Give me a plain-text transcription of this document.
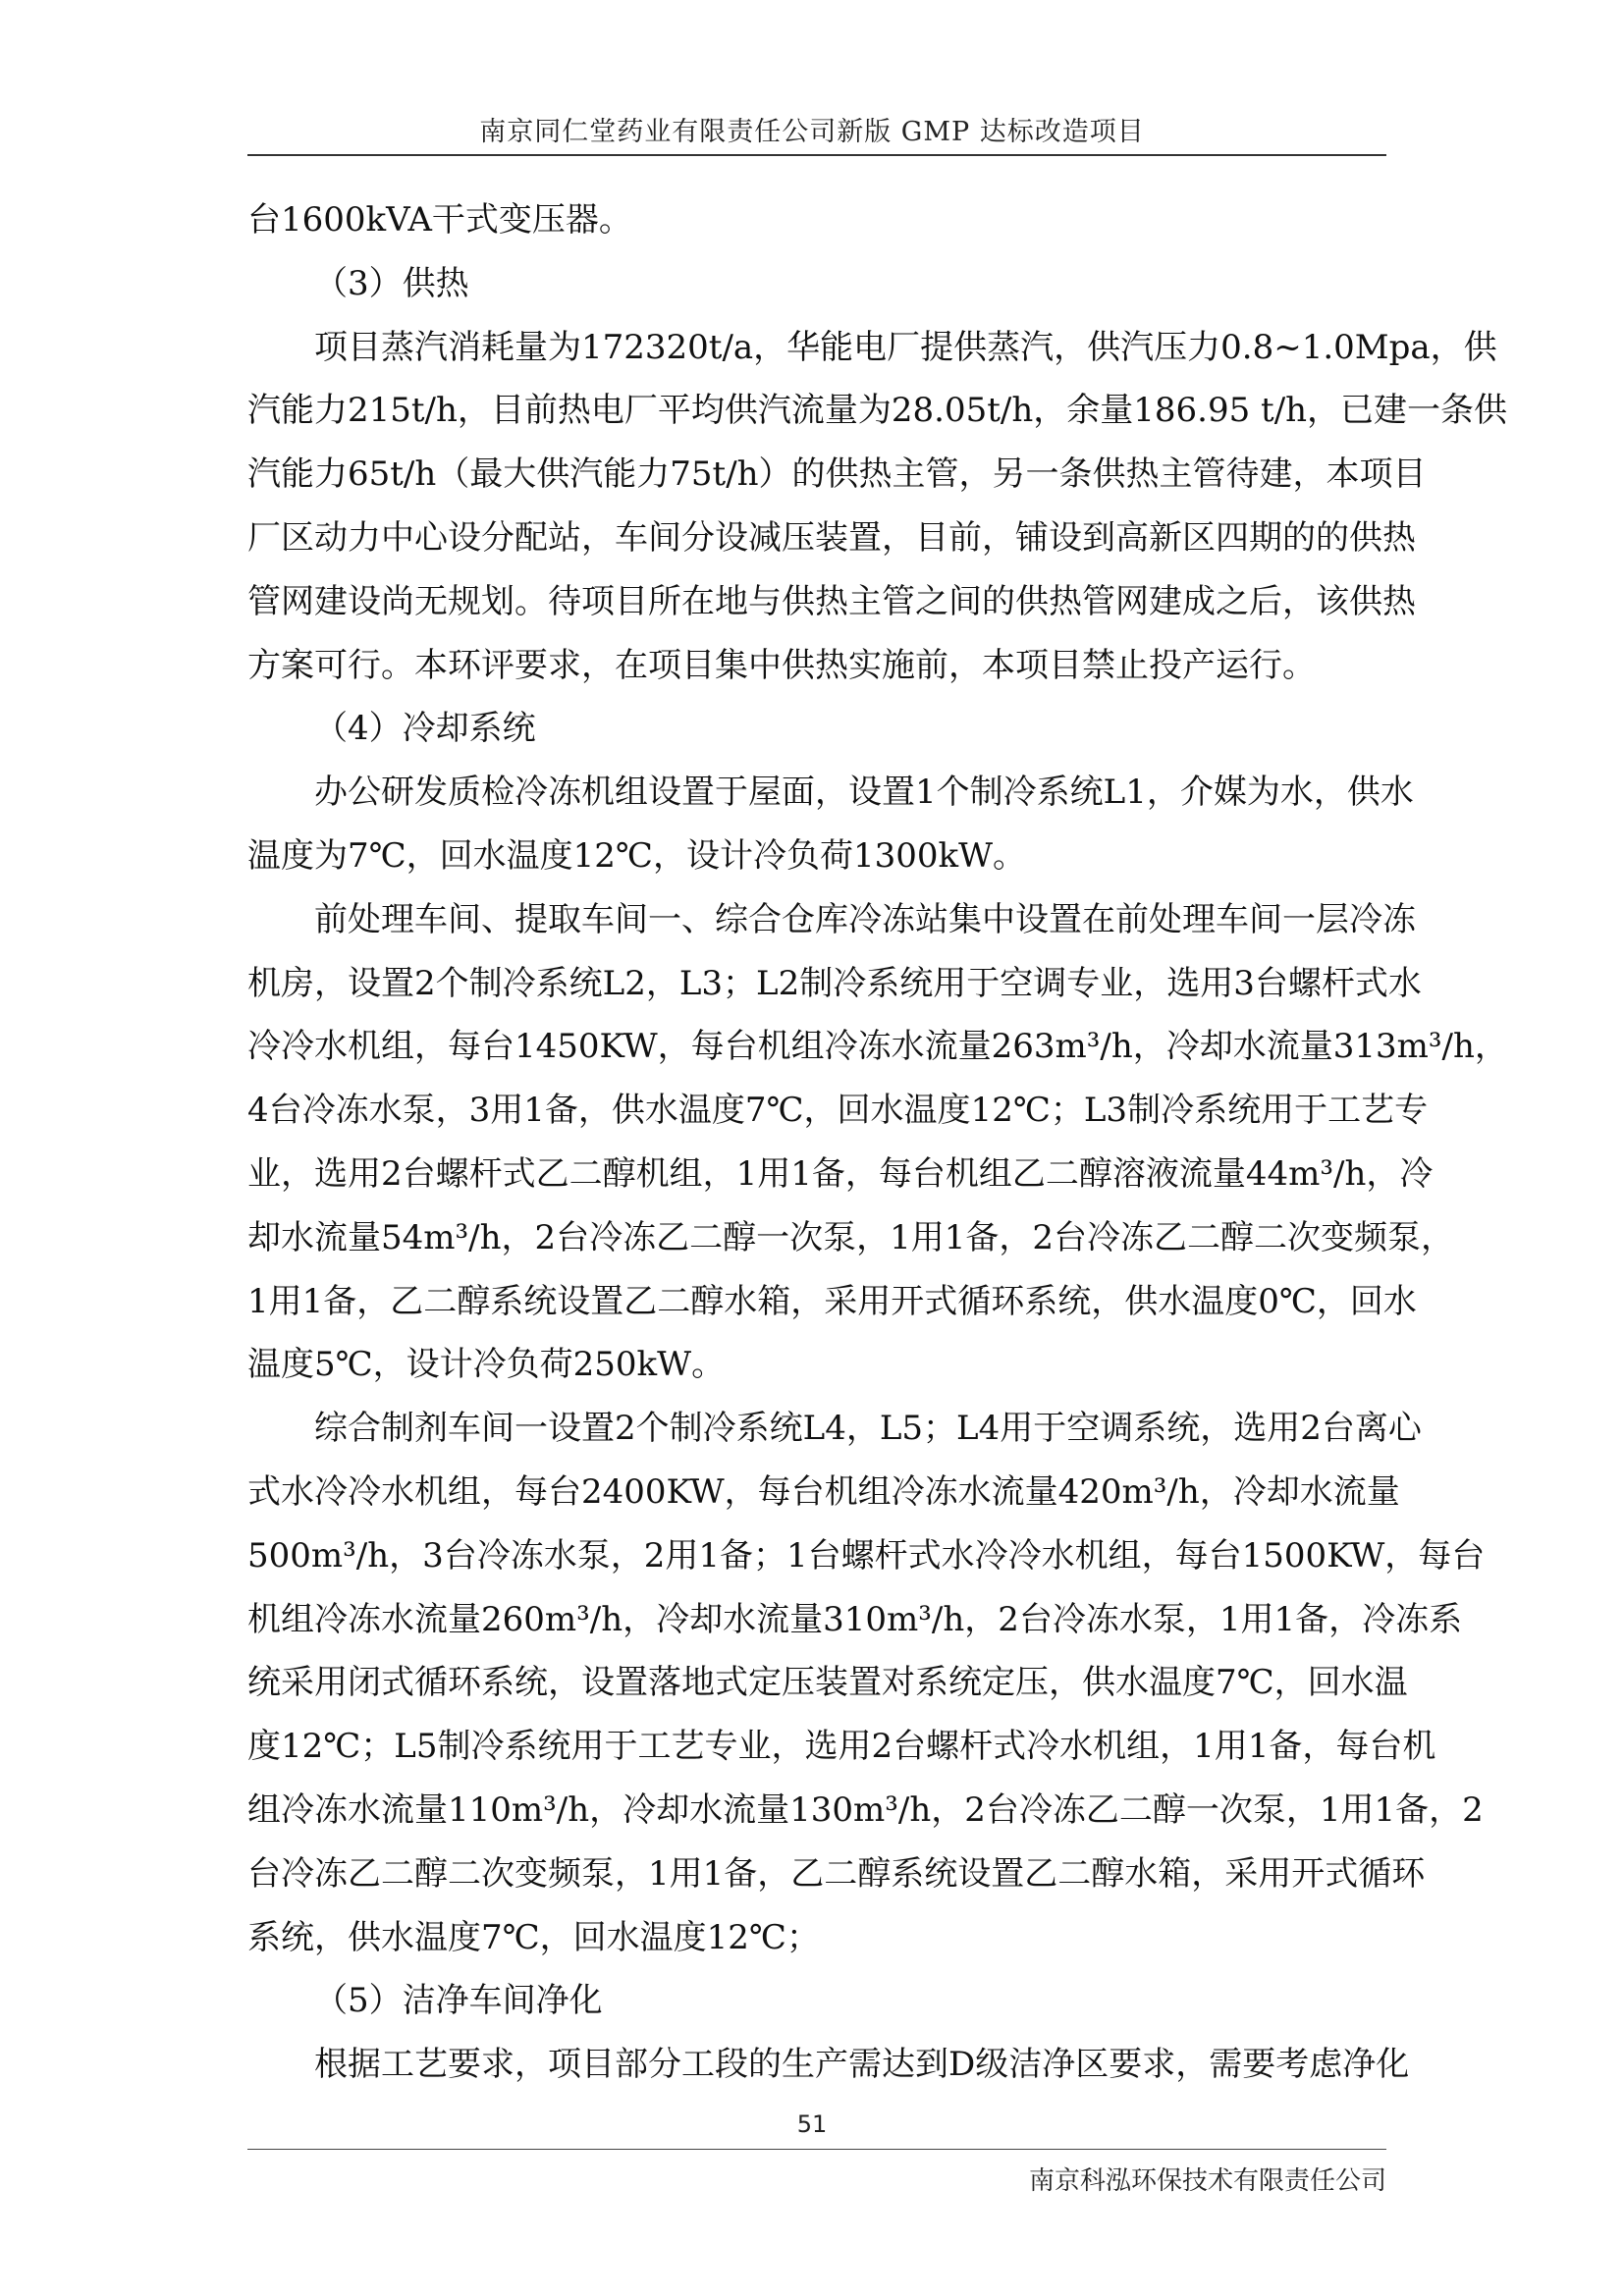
南京同仁堂药业有限责任公司新版 GMP 达标改造项目
台1600kVA干式变压器。
（3）供热
项目蒸汽消耗量为172320t/a，华能电厂提供蒸汽，供汽压力0.8~1.0Mpa，供
汽能力215t/h，目前热电厂平均供汽流量为28.05t/h，余量186.95 t/h，已建一条供
汽能力65t/h（最大供汽能力75t/h）的供热主管，另一条供热主管待建，本项目
厂区动力中心设分配站，车间分设减压装置，目前，铺设到高新区四期的的供热
管网建设尚无规划。待项目所在地与供热主管之间的供热管网建成之后，该供热
方案可行。本环评要求，在项目集中供热实施前，本项目禁止投产运行。
（4）冷却系统
办公研发质检冷冻机组设置于屋面，设置1个制冷系统L1，介媒为水，供水
温度为7℃，回水温度12℃，设计冷负荷1300kW。
前处理车间、提取车间一、综合仓库冷冻站集中设置在前处理车间一层冷冻
机房，设置2个制冷系统L2，L3；L2制冷系统用于空调专业，选用3台螺杆式水
冷冷水机组，每台1450KW，每台机组冷冻水流量263m³/h，冷却水流量313m³/h，
4台冷冻水泵，3用1备，供水温度7℃，回水温度12℃；L3制冷系统用于工艺专
业，选用2台螺杆式乙二醇机组，1用1备，每台机组乙二醇溶液流量44m³/h，冷
却水流量54m³/h，2台冷冻乙二醇一次泵，1用1备，2台冷冻乙二醇二次变频泵，
1用1备，乙二醇系统设置乙二醇水箱，采用开式循环系统，供水温度0℃，回水
温度5℃，设计冷负荷250kW。
综合制剂车间一设置2个制冷系统L4，L5；L4用于空调系统，选用2台离心
式水冷冷水机组，每台2400KW，每台机组冷冻水流量420m³/h，冷却水流量
500m³/h，3台冷冻水泵，2用1备；1台螺杆式水冷冷水机组，每台1500KW，每台
机组冷冻水流量260m³/h，冷却水流量310m³/h，2台冷冻水泵，1用1备，冷冻系
统采用闭式循环系统，设置落地式定压装置对系统定压，供水温度7℃，回水温
度12℃；L5制冷系统用于工艺专业，选用2台螺杆式冷水机组，1用1备，每台机
组冷冻水流量110m³/h，冷却水流量130m³/h，2台冷冻乙二醇一次泵，1用1备，2
台冷冻乙二醇二次变频泵，1用1备，乙二醇系统设置乙二醇水箱，采用开式循环
系统，供水温度7℃，回水温度12℃；
（5）洁净车间净化
根据工艺要求，项目部分工段的生产需达到D级洁净区要求，需要考虑净化
51
南京科泓环保技术有限责任公司
